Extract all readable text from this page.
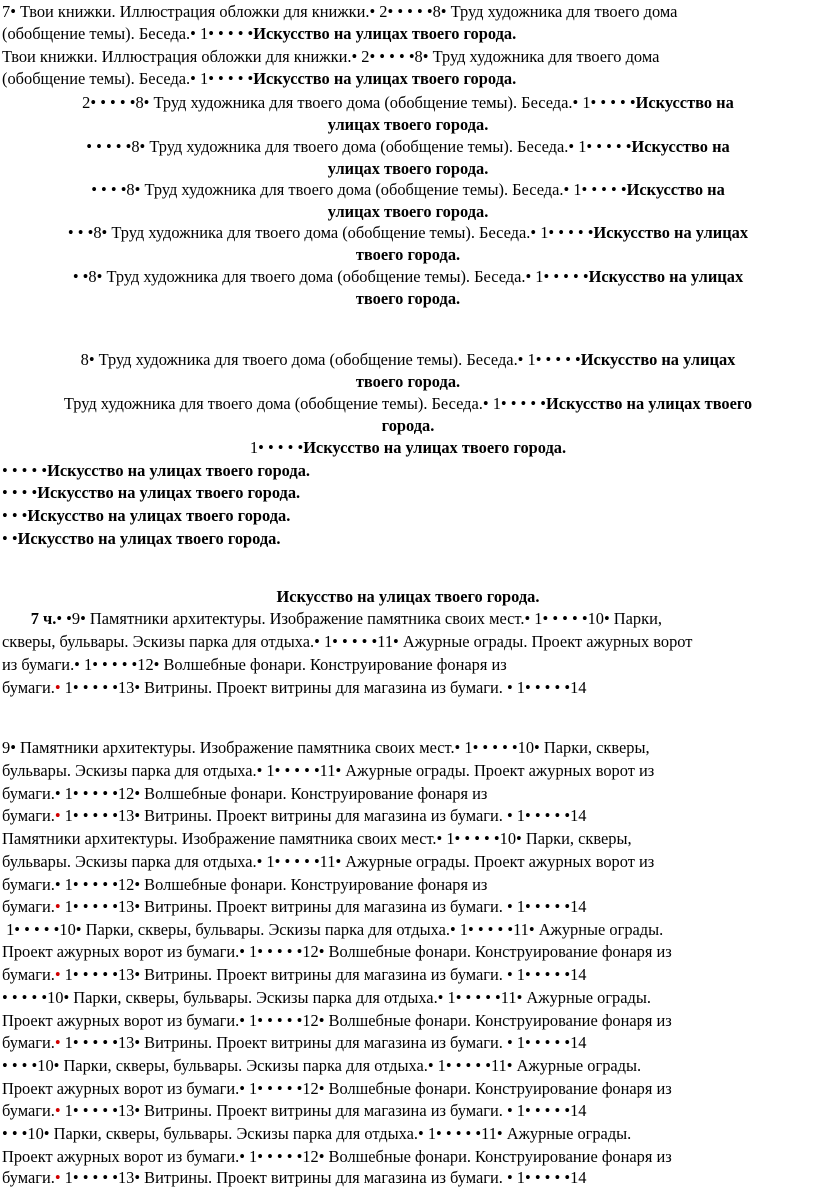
7• Твои книжки. Иллюстрация обложки для книжки.• 2• • • • •8• Труд художника для твоего дома
(обобщение темы). Беседа.• 1• • • • •Искусство на улицах твоего города.
Твои книжки. Иллюстрация обложки для книжки.• 2• • • • •8• Труд художника для твоего дома
(обобщение темы). Беседа.• 1• • • • •Искусство на улицах твоего города.
2• • • • •8• Труд художника для твоего дома (обобщение темы). Беседа.• 1• • • • •Искусство на
улицах твоего города.
• • • • •8• Труд художника для твоего дома (обобщение темы). Беседа.• 1• • • • •Искусство на
улицах твоего города.
• • • •8• Труд художника для твоего дома (обобщение темы). Беседа.• 1• • • • •Искусство на
улицах твоего города.
• • •8• Труд художника для твоего дома (обобщение темы). Беседа.• 1• • • • •Искусство на улицах
твоего города.
• •8• Труд художника для твоего дома (обобщение темы). Беседа.• 1• • • • •Искусство на улицах
твоего города.
8• Труд художника для твоего дома (обобщение темы). Беседа.• 1• • • • •Искусство на улицах
твоего города.
Труд художника для твоего дома (обобщение темы). Беседа.• 1• • • • •Искусство на улицах твоего
города.
1• • • • •Искусство на улицах твоего города.
• • • • •Искусство на улицах твоего города.
• • • •Искусство на улицах твоего города.
• • •Искусство на улицах твоего города.
• •Искусство на улицах твоего города.
Искусство на улицах твоего города.
7 ч.• •9• Памятники архитектуры. Изображение памятника своих мест.• 1• • • • •10• Парки,
скверы, бульвары. Эскизы парка для отдыха.• 1• • • • •11• Ажурные ограды. Проект ажурных ворот
из бумаги.• 1• • • • •12• Волшебные фонари. Конструирование фонаря из
бумаги.• 1• • • • •13• Витрины. Проект витрины для магазина из бумаги. • 1• • • • •14
9• Памятники архитектуры. Изображение памятника своих мест.• 1• • • • •10• Парки, скверы,
бульвары. Эскизы парка для отдыха.• 1• • • • •11• Ажурные ограды. Проект ажурных ворот из
бумаги.• 1• • • • •12• Волшебные фонари. Конструирование фонаря из
бумаги.• 1• • • • •13• Витрины. Проект витрины для магазина из бумаги. • 1• • • • •14
Памятники архитектуры. Изображение памятника своих мест.• 1• • • • •10• Парки, скверы,
бульвары. Эскизы парка для отдыха.• 1• • • • •11• Ажурные ограды. Проект ажурных ворот из
бумаги.• 1• • • • •12• Волшебные фонари. Конструирование фонаря из
бумаги.• 1• • • • •13• Витрины. Проект витрины для магазина из бумаги. • 1• • • • •14
1• • • • •10• Парки, скверы, бульвары. Эскизы парка для отдыха.• 1• • • • •11• Ажурные ограды.
Проект ажурных ворот из бумаги.• 1• • • • •12• Волшебные фонари. Конструирование фонаря из
бумаги.• 1• • • • •13• Витрины. Проект витрины для магазина из бумаги. • 1• • • • •14
• • • • •10• Парки, скверы, бульвары. Эскизы парка для отдыха.• 1• • • • •11• Ажурные ограды.
Проект ажурных ворот из бумаги.• 1• • • • •12• Волшебные фонари. Конструирование фонаря из
бумаги.• 1• • • • •13• Витрины. Проект витрины для магазина из бумаги. • 1• • • • •14
• • • •10• Парки, скверы, бульвары. Эскизы парка для отдыха.• 1• • • • •11• Ажурные ограды.
Проект ажурных ворот из бумаги.• 1• • • • •12• Волшебные фонари. Конструирование фонаря из
бумаги.• 1• • • • •13• Витрины. Проект витрины для магазина из бумаги. • 1• • • • •14
• • •10• Парки, скверы, бульвары. Эскизы парка для отдыха.• 1• • • • •11• Ажурные ограды.
Проект ажурных ворот из бумаги.• 1• • • • •12• Волшебные фонари. Конструирование фонаря из
бумаги.• 1• • • • •13• Витрины. Проект витрины для магазина из бумаги. • 1• • • • •14
